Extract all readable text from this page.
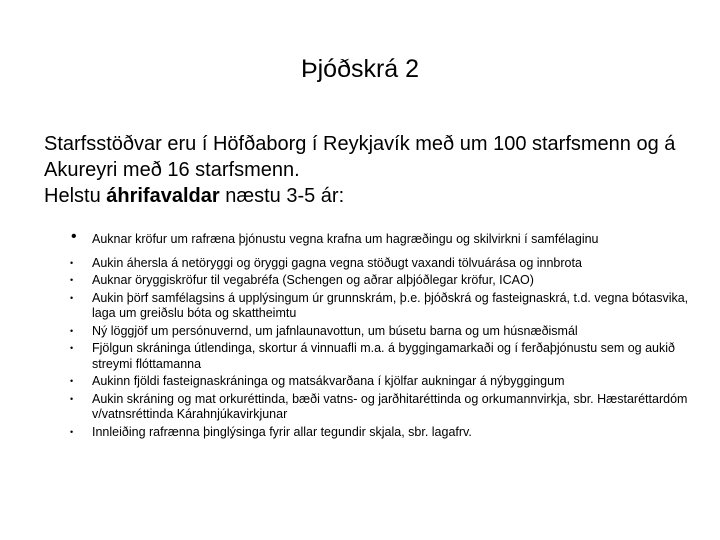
Þjóðskrá 2

Starfsstöðvar eru í Höfðaborg í Reykjavík með um 100 starfsmenn og á Akureyri með 16 starfsmenn.

Helstu áhrifavaldar næstu 3-5 ár:

• Auknar kröfur um rafræna þjónustu vegna krafna um hagræðingu og skilvirkni í samfélaginu
• Aukin áhersla á netöryggi og öryggi gagna vegna stöðugt vaxandi tölvuárása og innbrota
• Auknar öryggiskröfur til vegabréfa (Schengen og aðrar alþjóðlegar kröfur, ICAO)
• Aukin þörf samfélagsins á upplýsingum úr grunnskrám, þ.e. þjóðskrá og fasteignaskrá, t.d. vegna bótasvika, laga um greiðslu bóta og skattheimtu
• Ný löggjöf um persónuvernd, um jafnlaunavottun, um búsetu barna og um húsnæðismál
• Fjölgun skráninga útlendinga, skortur á vinnuafli m.a. á byggingamarkaði og í ferðaþjónustu sem og aukið streymi flóttamanna
• Aukinn fjöldi fasteignaskráninga og matsákvarðana í kjölfar aukningar á nýbyggingum
• Aukin skráning og mat orkuréttinda, bæði vatns- og jarðhitaréttinda og orkumannvirkja, sbr. Hæstaréttardóm v/vatnsréttinda Kárahnjúkavirkjunar
• Innleiðing rafrænna þinglýsinga fyrir allar tegundir skjala, sbr. lagafrv.
